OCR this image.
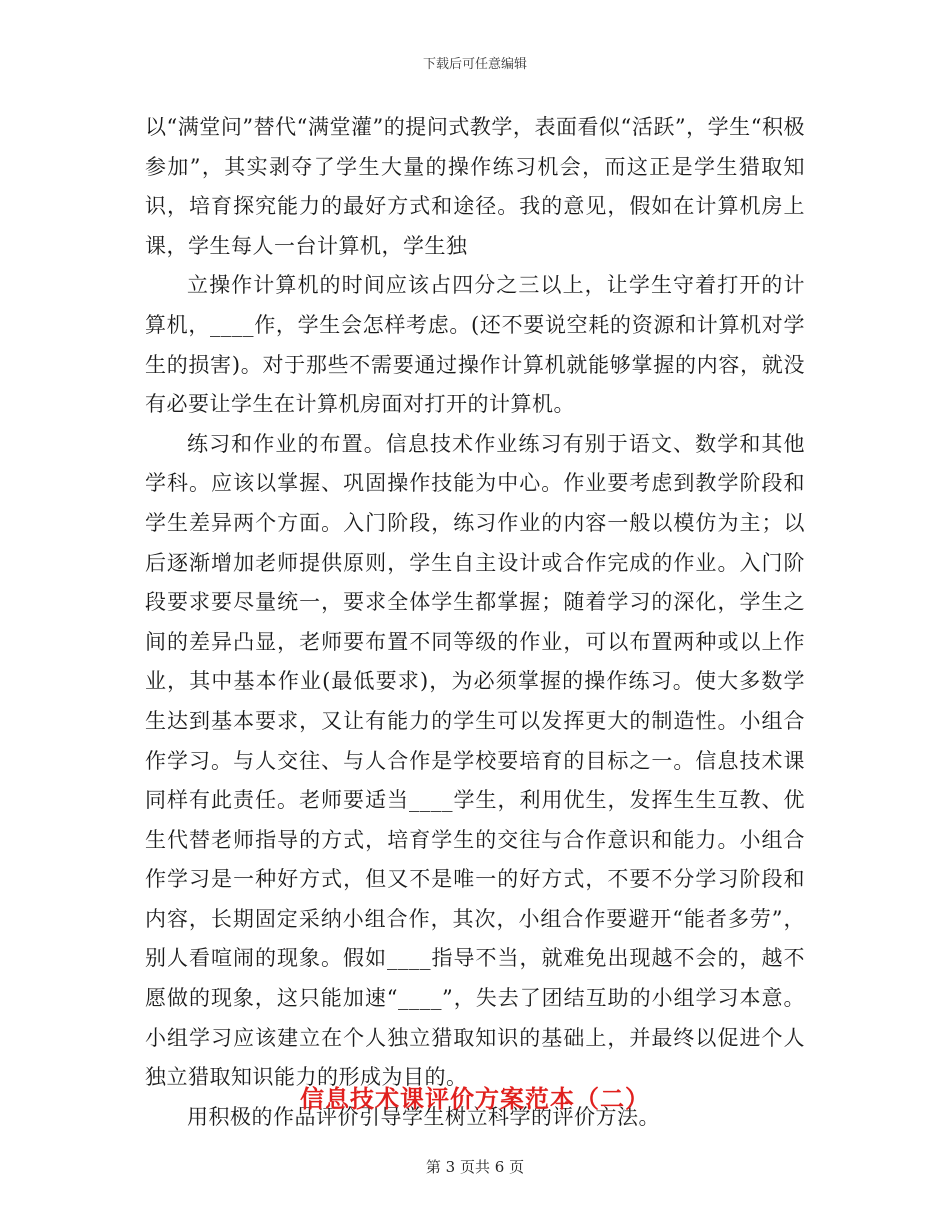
下载后可任意编辑

以“满堂问”替代“满堂灌”的提问式教学，表面看似“活跃”，学生“积极参加”，其实剥夺了学生大量的操作练习机会，而这正是学生猎取知识，培育探究能力的最好方式和途径。我的意见，假如在计算机房上课，学生每人一台计算机，学生独

立操作计算机的时间应该占四分之三以上，让学生守着打开的计算机，____作，学生会怎样考虑。(还不要说空耗的资源和计算机对学生的损害)。对于那些不需要通过操作计算机就能够掌握的内容，就没有必要让学生在计算机房面对打开的计算机。

练习和作业的布置。信息技术作业练习有别于语文、数学和其他学科。应该以掌握、巩固操作技能为中心。作业要考虑到教学阶段和学生差异两个方面。入门阶段，练习作业的内容一般以模仿为主；以后逐渐增加老师提供原则，学生自主设计或合作完成的作业。入门阶段要求要尽量统一，要求全体学生都掌握；随着学习的深化，学生之间的差异凸显，老师要布置不同等级的作业，可以布置两种或以上作业，其中基本作业(最低要求)，为必须掌握的操作练习。使大多数学生达到基本要求，又让有能力的学生可以发挥更大的制造性。小组合作学习。与人交往、与人合作是学校要培育的目标之一。信息技术课同样有此责任。老师要适当____学生，利用优生，发挥生生互教、优生代替老师指导的方式，培育学生的交往与合作意识和能力。小组合作学习是一种好方式，但又不是唯一的好方式，不要不分学习阶段和内容，长期固定采纳小组合作，其次，小组合作要避开“能者多劳”，别人看喧闹的现象。假如____指导不当，就难免出现越不会的，越不愿做的现象，这只能加速“____”，失去了团结互助的小组学习本意。小组学习应该建立在个人独立猎取知识的基础上，并最终以促进个人独立猎取知识能力的形成为目的。

用积极的作品评价引导学生树立科学的评价方法。

信息技术课评价方案范本（二）
第 3 页共 6 页
